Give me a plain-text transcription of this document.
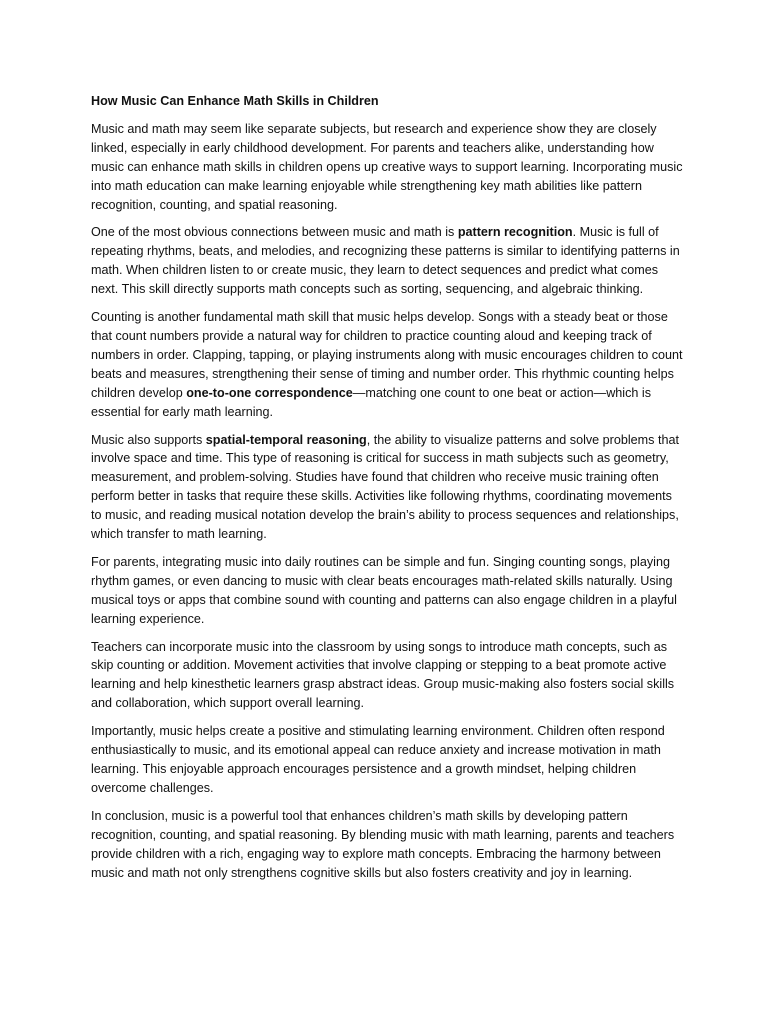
How Music Can Enhance Math Skills in Children

Music and math may seem like separate subjects, but research and experience show they are closely linked, especially in early childhood development. For parents and teachers alike, understanding how music can enhance math skills in children opens up creative ways to support learning. Incorporating music into math education can make learning enjoyable while strengthening key math abilities like pattern recognition, counting, and spatial reasoning.

One of the most obvious connections between music and math is pattern recognition. Music is full of repeating rhythms, beats, and melodies, and recognizing these patterns is similar to identifying patterns in math. When children listen to or create music, they learn to detect sequences and predict what comes next. This skill directly supports math concepts such as sorting, sequencing, and algebraic thinking.

Counting is another fundamental math skill that music helps develop. Songs with a steady beat or those that count numbers provide a natural way for children to practice counting aloud and keeping track of numbers in order. Clapping, tapping, or playing instruments along with music encourages children to count beats and measures, strengthening their sense of timing and number order. This rhythmic counting helps children develop one-to-one correspondence—matching one count to one beat or action—which is essential for early math learning.

Music also supports spatial-temporal reasoning, the ability to visualize patterns and solve problems that involve space and time. This type of reasoning is critical for success in math subjects such as geometry, measurement, and problem-solving. Studies have found that children who receive music training often perform better in tasks that require these skills. Activities like following rhythms, coordinating movements to music, and reading musical notation develop the brain’s ability to process sequences and relationships, which transfer to math learning.

For parents, integrating music into daily routines can be simple and fun. Singing counting songs, playing rhythm games, or even dancing to music with clear beats encourages math-related skills naturally. Using musical toys or apps that combine sound with counting and patterns can also engage children in a playful learning experience.

Teachers can incorporate music into the classroom by using songs to introduce math concepts, such as skip counting or addition. Movement activities that involve clapping or stepping to a beat promote active learning and help kinesthetic learners grasp abstract ideas. Group music-making also fosters social skills and collaboration, which support overall learning.

Importantly, music helps create a positive and stimulating learning environment. Children often respond enthusiastically to music, and its emotional appeal can reduce anxiety and increase motivation in math learning. This enjoyable approach encourages persistence and a growth mindset, helping children overcome challenges.

In conclusion, music is a powerful tool that enhances children’s math skills by developing pattern recognition, counting, and spatial reasoning. By blending music with math learning, parents and teachers provide children with a rich, engaging way to explore math concepts. Embracing the harmony between music and math not only strengthens cognitive skills but also fosters creativity and joy in learning.
